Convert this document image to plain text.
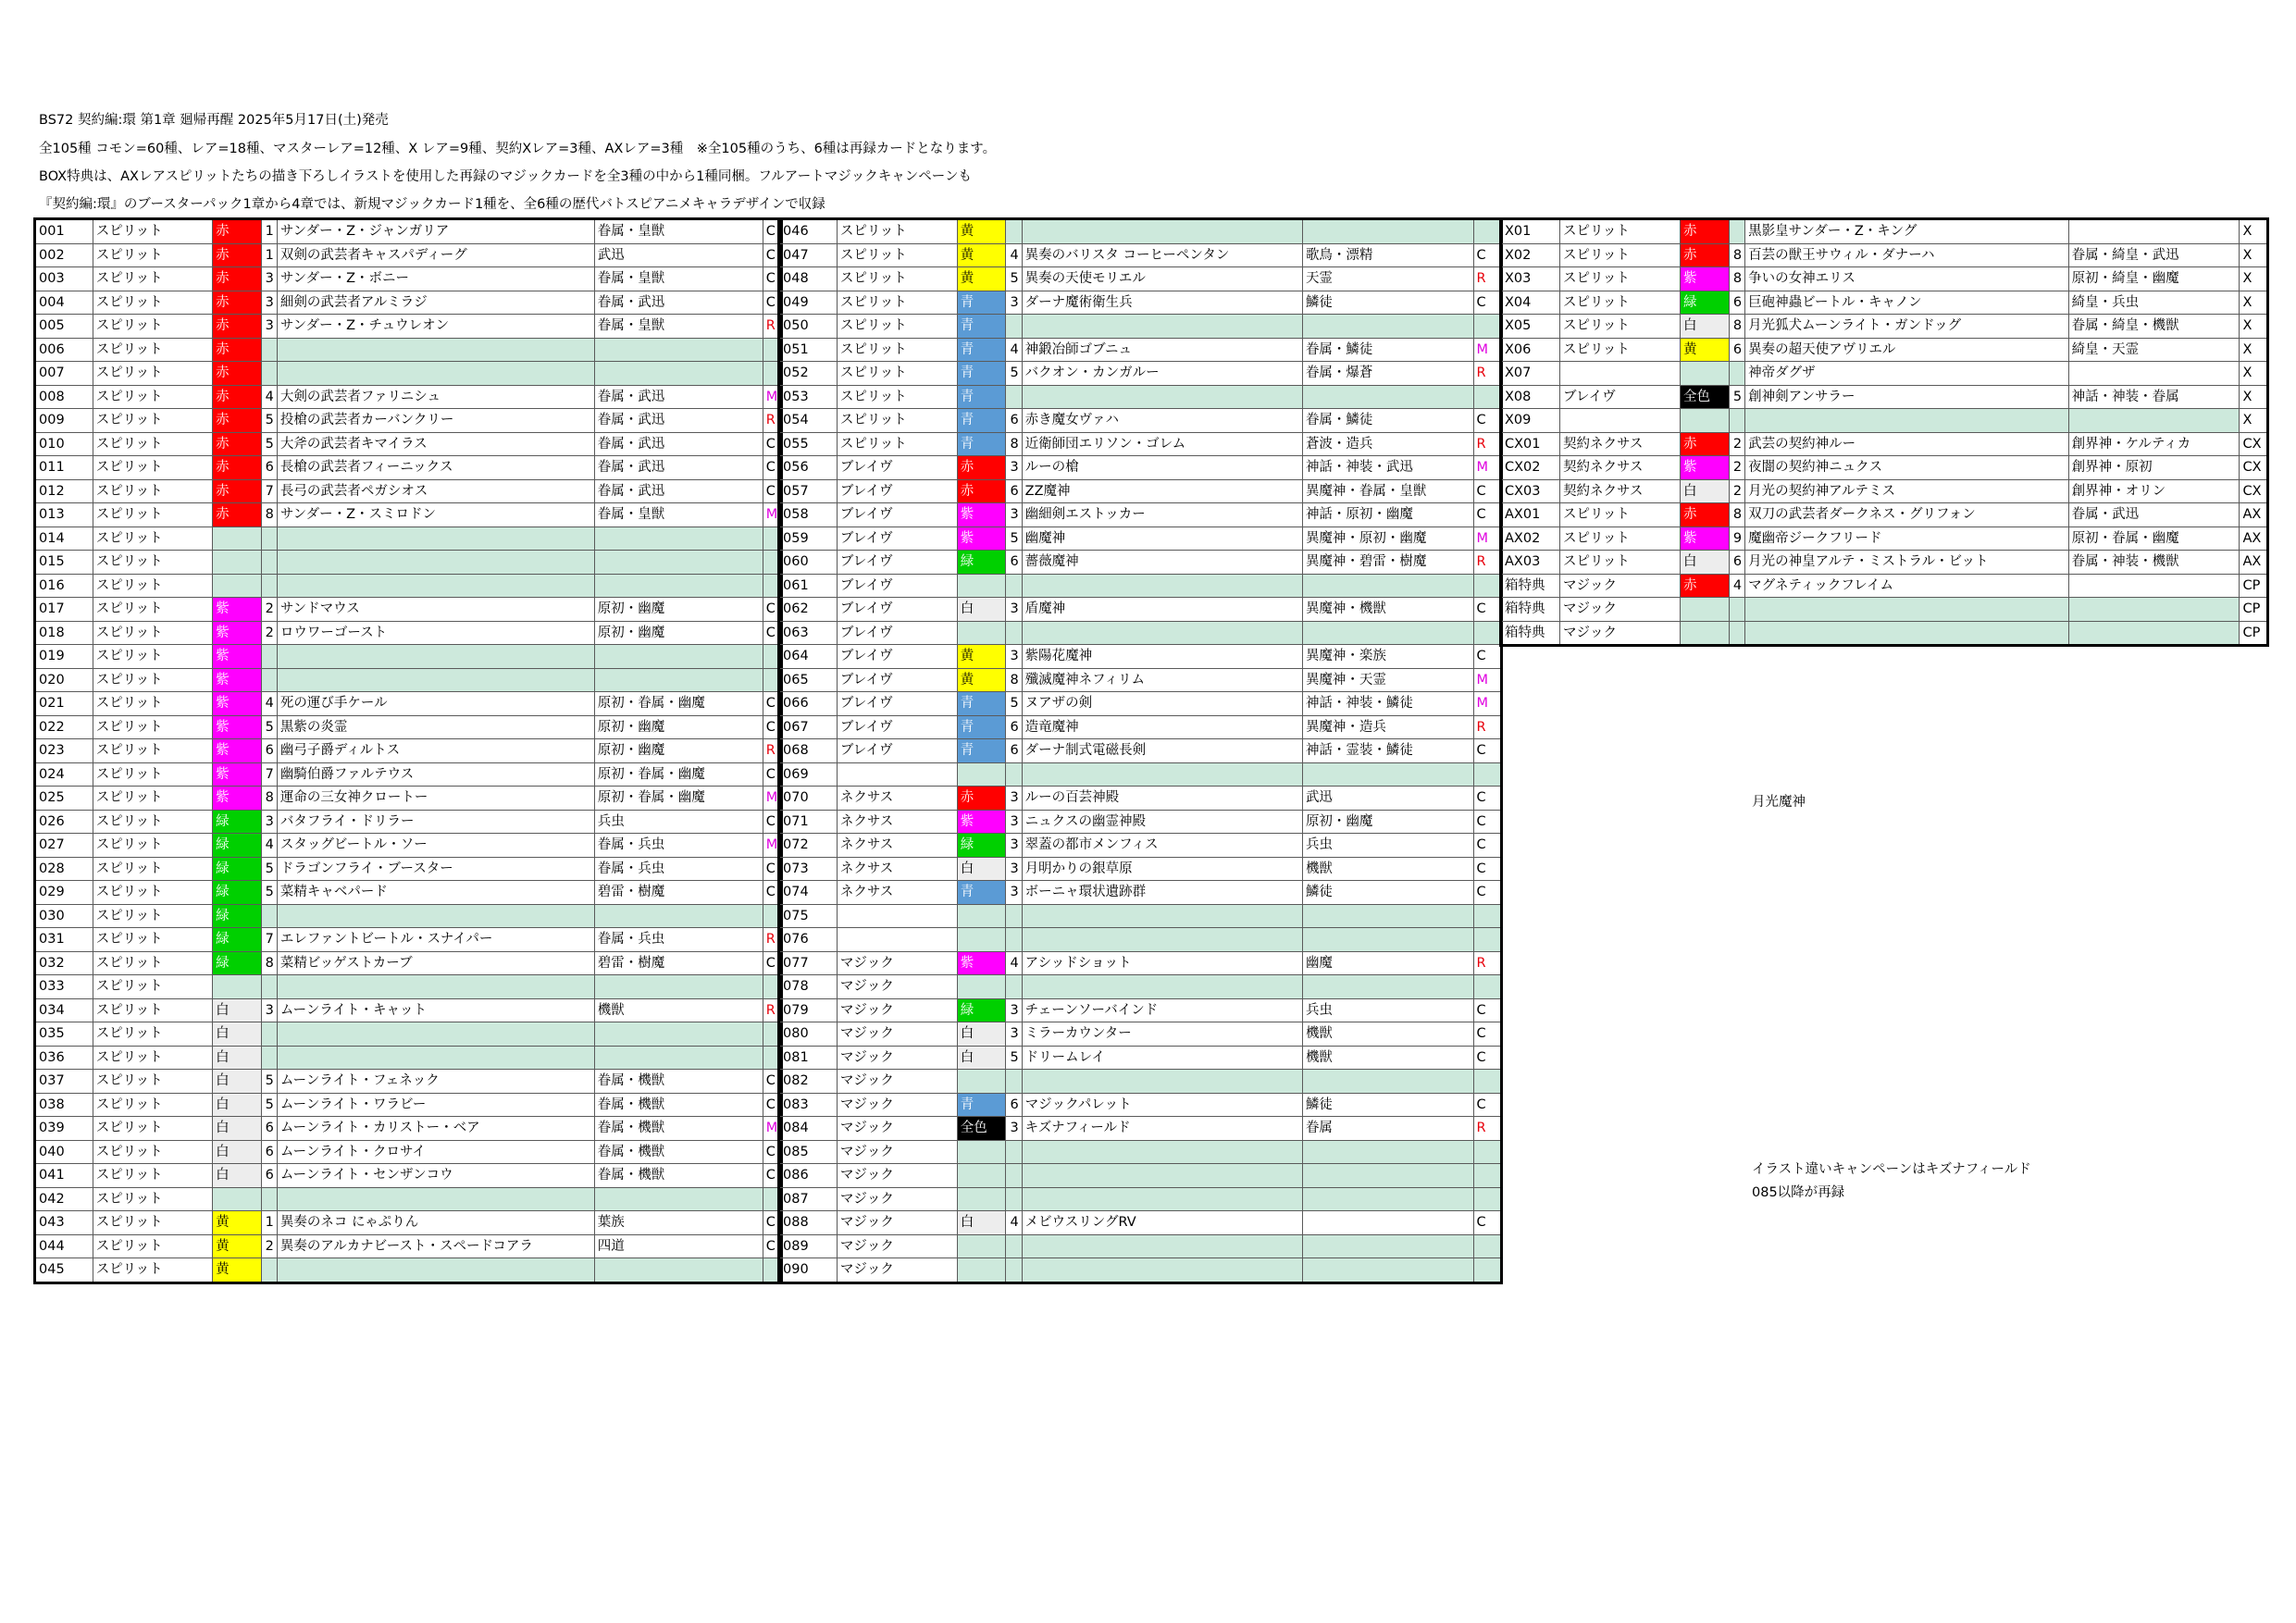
BS72 契約編:環 第1章 廻帰再醒 2025年5月17日(土)発売
全105種 コモン=60種、レア=18種、マスターレア=12種、X レア=9種、契約Xレア=3種、AXレア=3種　※全105種のうち、6種は再録カードとなります。
BOX特典は、AXレアスピリットたちの描き下ろしイラストを使用した再録のマジックカードを全3種の中から1種同梱。フルアートマジックキャンペーンも
『契約編:環』のブースターパック1章から4章では、新規マジックカード1種を、全6種の歴代バトスピアニメキャラデザインで収録
001	スピリット	赤	1	サンダー・Z・ジャンガリア	眷属・皇獣	C
002	スピリット	赤	1	双剣の武芸者キャスパディーグ	武迅	C
003	スピリット	赤	3	サンダー・Z・ボニー	眷属・皇獣	C
004	スピリット	赤	3	細剣の武芸者アルミラジ	眷属・武迅	C
005	スピリット	赤	3	サンダー・Z・チュウレオン	眷属・皇獣	R
006	スピリット	赤				
007	スピリット	赤				
008	スピリット	赤	4	大剣の武芸者ファリニシュ	眷属・武迅	M
009	スピリット	赤	5	投槍の武芸者カーバンクリー	眷属・武迅	R
010	スピリット	赤	5	大斧の武芸者キマイラス	眷属・武迅	C
011	スピリット	赤	6	長槍の武芸者フィーニックス	眷属・武迅	C
012	スピリット	赤	7	長弓の武芸者ペガシオス	眷属・武迅	C
013	スピリット	赤	8	サンダー・Z・スミロドン	眷属・皇獣	M
014	スピリット					
015	スピリット					
016	スピリット					
017	スピリット	紫	2	サンドマウス	原初・幽魔	C
018	スピリット	紫	2	ロウワーゴースト	原初・幽魔	C
019	スピリット	紫				
020	スピリット	紫				
021	スピリット	紫	4	死の運び手ケール	原初・眷属・幽魔	C
022	スピリット	紫	5	黒紫の炎霊	原初・幽魔	C
023	スピリット	紫	6	幽弓子爵ディルトス	原初・幽魔	R
024	スピリット	紫	7	幽騎伯爵ファルテウス	原初・眷属・幽魔	C
025	スピリット	紫	8	運命の三女神クロートー	原初・眷属・幽魔	M
026	スピリット	緑	3	バタフライ・ドリラー	兵虫	C
027	スピリット	緑	4	スタッグビートル・ソー	眷属・兵虫	M
028	スピリット	緑	5	ドラゴンフライ・ブースター	眷属・兵虫	C
029	スピリット	緑	5	菜精キャベパード	碧雷・樹魔	C
030	スピリット	緑				
031	スピリット	緑	7	エレファントビートル・スナイパー	眷属・兵虫	R
032	スピリット	緑	8	菜精ビッゲストカーブ	碧雷・樹魔	C
033	スピリット					
034	スピリット	白	3	ムーンライト・キャット	機獣	R
035	スピリット	白				
036	スピリット	白				
037	スピリット	白	5	ムーンライト・フェネック	眷属・機獣	C
038	スピリット	白	5	ムーンライト・ワラビー	眷属・機獣	C
039	スピリット	白	6	ムーンライト・カリストー・ベア	眷属・機獣	M
040	スピリット	白	6	ムーンライト・クロサイ	眷属・機獣	C
041	スピリット	白	6	ムーンライト・センザンコウ	眷属・機獣	C
042	スピリット					
043	スピリット	黄	1	異奏のネコ にゃぷりん	葉族	C
044	スピリット	黄	2	異奏のアルカナビースト・スペードコアラ	四道	C
045	スピリット	黄				
046	スピリット	黄				
047	スピリット	黄	4	異奏のバリスタ コーヒーペンタン	歌鳥・漂精	C
048	スピリット	黄	5	異奏の天使モリエル	天霊	R
049	スピリット	青	3	ダーナ魔術衛生兵	鱗徒	C
050	スピリット	青				
051	スピリット	青	4	神鍛冶師ゴブニュ	眷属・鱗徒	M
052	スピリット	青	5	バクオン・カンガルー	眷属・爆蒼	R
053	スピリット	青				
054	スピリット	青	6	赤き魔女ヴァハ	眷属・鱗徒	C
055	スピリット	青	8	近衛師団エリソン・ゴレム	蒼波・造兵	R
056	ブレイヴ	赤	3	ルーの槍	神話・神装・武迅	M
057	ブレイヴ	赤	6	ZZ魔神	異魔神・眷属・皇獣	C
058	ブレイヴ	紫	3	幽細剣エストッカー	神話・原初・幽魔	C
059	ブレイヴ	紫	5	幽魔神	異魔神・原初・幽魔	M
060	ブレイヴ	緑	6	薔薇魔神	異魔神・碧雷・樹魔	R
061	ブレイヴ					
062	ブレイヴ	白	3	盾魔神	異魔神・機獣	C
063	ブレイヴ					
064	ブレイヴ	黄	3	紫陽花魔神	異魔神・楽族	C
065	ブレイヴ	黄	8	殲滅魔神ネフィリム	異魔神・天霊	M
066	ブレイヴ	青	5	ヌアザの剣	神話・神装・鱗徒	M
067	ブレイヴ	青	6	造竜魔神	異魔神・造兵	R
068	ブレイヴ	青	6	ダーナ制式電磁長剣	神話・霊装・鱗徒	C
069						
070	ネクサス	赤	3	ルーの百芸神殿	武迅	C
071	ネクサス	紫	3	ニュクスの幽霊神殿	原初・幽魔	C
072	ネクサス	緑	3	翠蓋の都市メンフィス	兵虫	C
073	ネクサス	白	3	月明かりの銀草原	機獣	C
074	ネクサス	青	3	ボーニャ環状遺跡群	鱗徒	C
075						
076						
077	マジック	紫	4	アシッドショット	幽魔	R
078	マジック					
079	マジック	緑	3	チェーンソーバインド	兵虫	C
080	マジック	白	3	ミラーカウンター	機獣	C
081	マジック	白	5	ドリームレイ	機獣	C
082	マジック					
083	マジック	青	6	マジックパレット	鱗徒	C
084	マジック	全色	3	キズナフィールド	眷属	R
085	マジック					
086	マジック					
087	マジック					
088	マジック	白	4	メビウスリングRV		C
089	マジック					
090	マジック					
X01	スピリット	赤		黒影皇サンダー・Z・キング		X
X02	スピリット	赤	8	百芸の獣王サウィル・ダナーハ	眷属・綺皇・武迅	X
X03	スピリット	紫	8	争いの女神エリス	原初・綺皇・幽魔	X
X04	スピリット	緑	6	巨砲神蟲ビートル・キャノン	綺皇・兵虫	X
X05	スピリット	白	8	月光狐犬ムーンライト・ガンドッグ	眷属・綺皇・機獣	X
X06	スピリット	黄	6	異奏の超天使アヴリエル	綺皇・天霊	X
X07				神帝ダグザ		X
X08	ブレイヴ	全色	5	創神剣アンサラー	神話・神装・眷属	X
X09						X
CX01	契約ネクサス	赤	2	武芸の契約神ルー	創界神・ケルティカ	CX
CX02	契約ネクサス	紫	2	夜闇の契約神ニュクス	創界神・原初	CX
CX03	契約ネクサス	白	2	月光の契約神アルテミス	創界神・オリン	CX
AX01	スピリット	赤	8	双刀の武芸者ダークネス・グリフォン	眷属・武迅	AX
AX02	スピリット	紫	9	魔幽帝ジークフリード	原初・眷属・幽魔	AX
AX03	スピリット	白	6	月光の神皇アルテ・ミストラル・ビット	眷属・神装・機獣	AX
箱特典	マジック	赤	4	マグネティックフレイム		CP
箱特典	マジック					CP
箱特典	マジック					CP
月光魔神
イラスト違いキャンペーンはキズナフィールド
085以降が再録
